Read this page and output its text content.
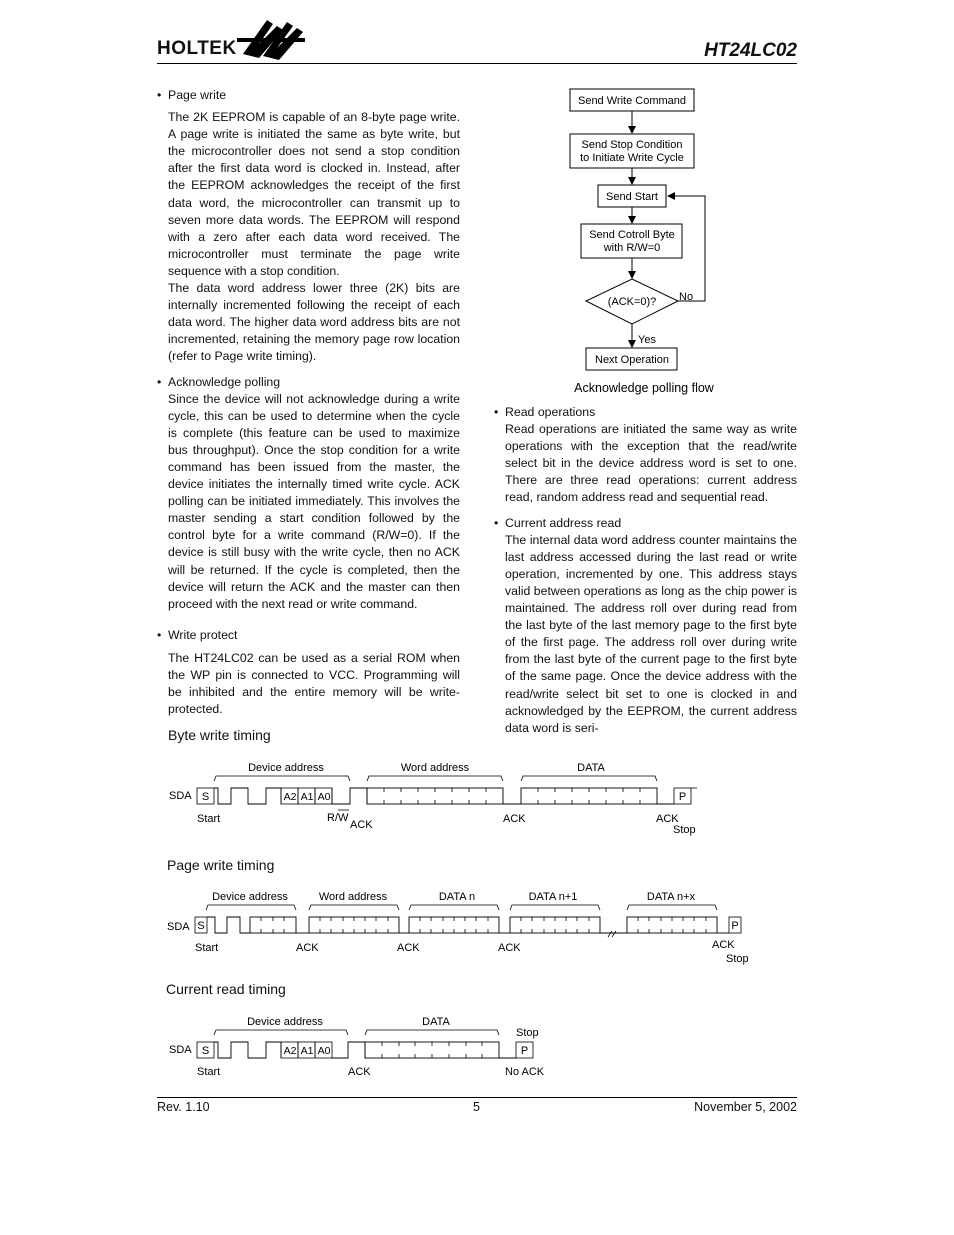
HOLTEK	HT24LC02
• Page write

The 2K EEPROM is capable of an 8-byte page write. A page write is initiated the same as byte write, but the microcontroller does not send a stop condition after the first data word is clocked in. Instead, after the EEPROM acknowledges the receipt of the first data word, the microcontroller can transmit up to seven more data words. The EEPROM will respond with a zero after each data word received. The microcontroller must terminate the page write sequence with a stop condition.

The data word address lower three (2K) bits are internally incremented following the receipt of each data word. The higher data word address bits are not incremented, retaining the memory page row location (refer to Page write timing).

• Acknowledge polling

Since the device will not acknowledge during a write cycle, this can be used to determine when the cycle is complete (this feature can be used to maximize bus throughput). Once the stop condition for a write command has been issued from the master, the device initiates the internally timed write cycle. ACK polling can be initiated immediately. This involves the master sending a start condition followed by the control byte for a write command (R/W=0). If the device is still busy with the write cycle, then no ACK will be returned. If the cycle is completed, then the device will return the ACK and the master can then proceed with the next read or write command.

• Write protect

The HT24LC02 can be used as a serial ROM when the WP pin is connected to VCC. Programming will be inhibited and the entire memory will be write-protected.

Send Write Command
Send Stop Condition
to Initiate Write Cycle
Send Start
Send Cotroll Byte
with R/W=0
(ACK=0)? No
Yes
Next Operation
Acknowledge polling flow
• Read operations

Read operations are initiated the same way as write operations with the exception that the read/write select bit in the device address word is set to one. There are three read operations: current address read, random address read and sequential read.

• Current address read

The internal data word address counter maintains the last address accessed during the last read or write operation, incremented by one. This address stays valid between operations as long as the chip power is maintained. The address roll over during read from the last byte of the last memory page to the first byte of the first page. The address roll over during write from the last byte of the current page to the first byte of the same page. Once the device address with the read/write select bit set to one is clocked in and acknowledged by the EEPROM, the current address data word is seri-

Byte write timing
Device address	Word address	DATA
SDA S	A2 A1 A0	P
Start	R/ W
ACK	ACK	ACK
Stop
Page write timing
Device address	Word address	DATA n	DATA n+1	DATA n+x
SDA S	P
Start	ACK	ACK	ACK	ACK
Stop
Current read timing
Device address	DATA
Stop
SDA S	A2 A1 A0	P
Start	ACK	No ACK
Rev. 1.10	5	November 5, 2002
